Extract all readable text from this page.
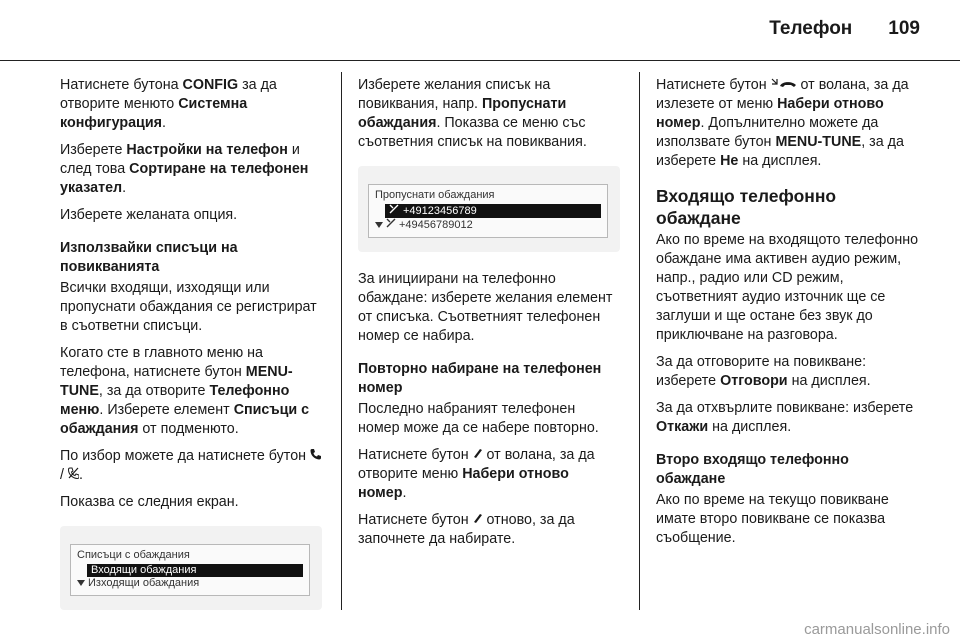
Телефон 109

Натиснете бутона CONFIG за да отворите менюто Системна конфигурация.

Изберете Настройки на телефон и след това Сортиране на телефонен указател.

Изберете желаната опция.

Използвайки списъци на повикванията

Всички входящи, изходящи или пропуснати обаждания се регистрират в съответни списъци.

Когато сте в главното меню на телефона, натиснете бутон MENU-TUNE, за да отворите Телефонно меню. Изберете елемент Списъци с обаждания от подменюто.

По избор можете да натиснете бутон  / .

Показва се следния екран.

Списъци с обаждания
Входящи обаждания
Изходящи обаждания

Изберете желания списък на повиквания, напр. Пропуснати обаждания. Показва се меню със съответния списък на повиквания.

Пропуснати обаждания
+49123456789
+49456789012

За инициирани на телефонно обаждане: изберете желания елемент от списъка. Съответният телефонен номер се набира.

Повторно набиране на телефонен номер

Последно набраният телефонен номер може да се набере повторно.

Натиснете бутон  от волана, за да отворите меню Набери отново номер.

Натиснете бутон  отново, за да започнете да набирате.

Натиснете бутон  от волана, за да излезете от меню Набери отново номер. Допълнително можете да използвате бутон MENU-TUNE, за да изберете Не на дисплея.

Входящо телефонно обаждане

Ако по време на входящото телефонно обаждане има активен аудио режим, напр., радио или CD режим, съответният аудио източник ще се заглуши и ще остане без звук до приключване на разговора.

За да отговорите на повикване: изберете Отговори на дисплея.

За да отхвърлите повикване: изберете Откажи на дисплея.

Второ входящо телефонно обаждане

Ако по време на текущо повикване имате второ повикване се показва съобщение.

carmanualsonline.info
